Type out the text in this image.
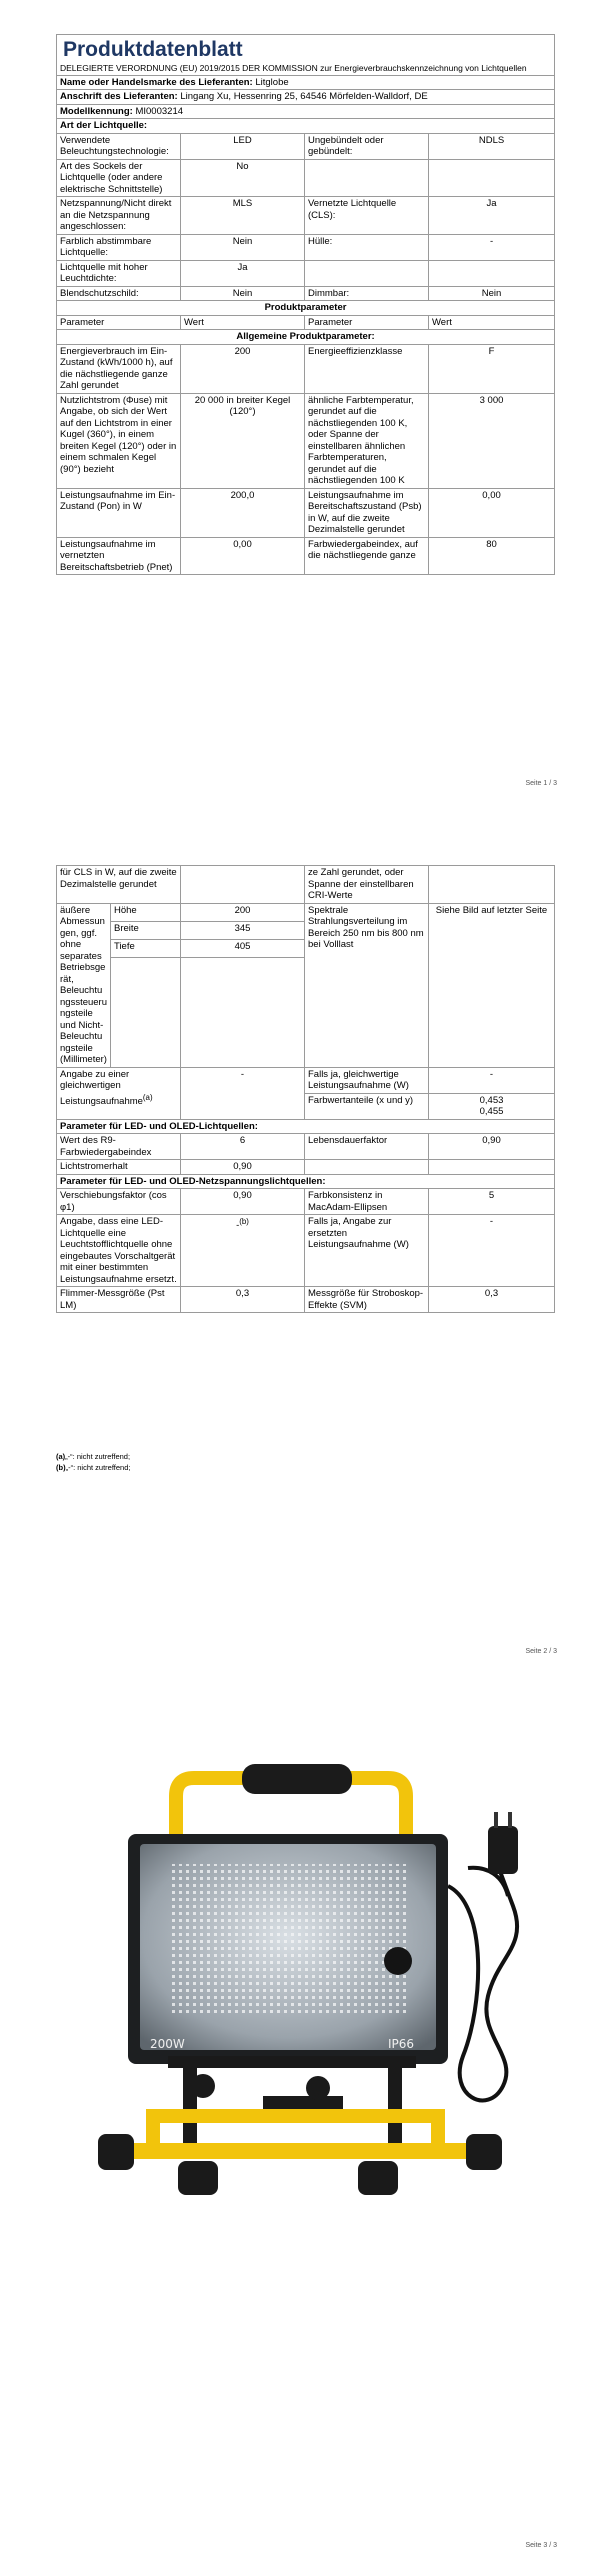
Produktdatenblatt
DELEGIERTE VERORDNUNG (EU) 2019/2015 DER KOMMISSION zur Energieverbrauchskennzeichnung von Lichtquellen			

Name oder Handelsmarke des Lieferanten: Litglobe			
Anschrift des Lieferanten: Lingang Xu, Hessenring 25, 64546 Mörfelden-Walldorf, DE			
Modellkennung: MI0003214			
Art der Lichtquelle:			
Verwendete Beleuchtungstechnologie:	LED	Ungebündelt oder gebündelt:	NDLS
Art des Sockels der Lichtquelle (oder andere elektrische Schnittstelle)	No		
Netzspannung/Nicht direkt an die Netzspannung angeschlossen:	MLS	Vernetzte Lichtquelle (CLS):	Ja
Farblich abstimmbare Lichtquelle:	Nein	Hülle:	-
Lichtquelle mit hoher Leuchtdichte:	Ja		
Blendschutzschild:	Nein	Dimmbar:	Nein
Produktparameter			
Parameter	Wert	Parameter	Wert
Allgemeine Produktparameter:			
Energieverbrauch im Ein-Zustand (kWh/1000 h), auf die nächstliegende ganze Zahl gerundet	200	Energieeffizienzklasse	F
Nutzlichtstrom (Φuse) mit Angabe, ob sich der Wert auf den Lichtstrom in einer Kugel (360°), in einem breiten Kegel (120°) oder in einem schmalen Kegel (90°) bezieht	20 000 in breiter Kegel (120°)	ähnliche Farbtemperatur, gerundet auf die nächstliegenden 100 K, oder Spanne der einstellbaren ähnlichen Farbtemperaturen, gerundet auf die nächstliegenden 100 K	3 000
Leistungsaufnahme im Ein-Zustand (Pon) in W	200,0	Leistungsaufnahme im Bereitschaftszustand (Psb) in W, auf die zweite Dezimalstelle gerundet	0,00
Leistungsaufnahme im vernetzten Bereitschaftsbetrieb (Pnet)	0,00	Farbwiedergabeindex, auf die nächstliegende ganze	80
Seite 1 / 3
für CLS in W, auf die zweite Dezimalstelle gerundet			ze Zahl gerundet, oder Spanne der einstellbaren CRI-Werte	
äußere Abmessungen, ggf. ohne separates Betriebsgerät, Beleuchtungssteuerungsteile und Nicht-Beleuchtungsteile (Millimeter)	Höhe	200	Spektrale Strahlungsverteilung im Bereich 250 nm bis 800 nm bei Volllast	Siehe Bild auf letzter Seite
	Breite	345		
	Tiefe	405		

Angabe zu einer gleichwertigen Leistungsaufnahme$^{(a)}$		-	Falls ja, gleichwertige Leistungsaufnahme (W)	-
			Farbwertanteile (x und y)	0,453
0,455

Parameter für LED- und OLED-Lichtquellen:				
Wert des R9-Farbwiedergabeindex		6	Lebensdauerfaktor	0,90
Lichtstromerhalt		0,90		
Parameter für LED- und OLED-Netzspannungslichtquellen:				
Verschiebungsfaktor (cos φ1)		0,90	Farbkonsistenz in MacAdam-Ellipsen	5
Angabe, dass eine LED-Lichtquelle eine Leuchtstofflichtquelle ohne eingebautes Vorschaltgerät mit einer bestimmten Leistungsaufnahme ersetzt.		-$^{(b)}$	Falls ja, Angabe zur ersetzten Leistungsaufnahme (W)	-
Flimmer-Messgröße (Pst LM)		0,3	Messgröße für Stroboskop-Effekte (SVM)	0,3
(a)„-“: nicht zutreffend;
(b)„-“: nicht zutreffend;
Seite 2 / 3
200W	IP66
Seite 3 / 3
